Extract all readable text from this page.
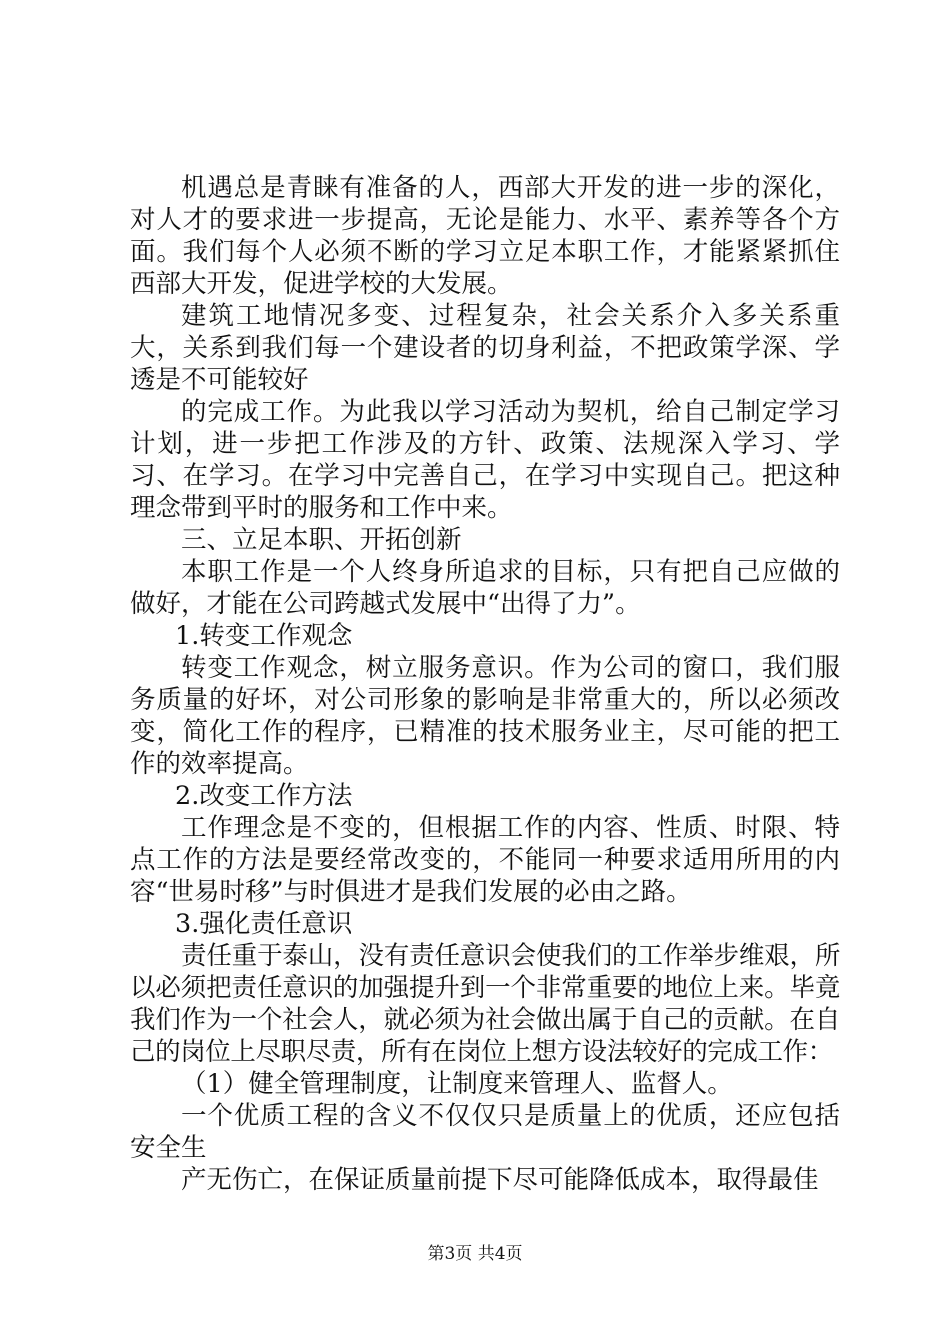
机遇总是青睐有准备的人，西部大开发的进一步的深化，对人才的要求进一步提高，无论是能力、水平、素养等各个方面。我们每个人必须不断的学习立足本职工作，才能紧紧抓住西部大开发，促进学校的大发展。

建筑工地情况多变、过程复杂，社会关系介入多关系重大，关系到我们每一个建设者的切身利益，不把政策学深、学透是不可能较好

的完成工作。为此我以学习活动为契机，给自己制定学习计划，进一步把工作涉及的方针、政策、法规深入学习、学习、在学习。在学习中完善自己，在学习中实现自己。把这种理念带到平时的服务和工作中来。

三、立足本职、开拓创新

本职工作是一个人终身所追求的目标，只有把自己应做的做好，才能在公司跨越式发展中“出得了力”。

1.转变工作观念

转变工作观念，树立服务意识。作为公司的窗口，我们服务质量的好坏，对公司形象的影响是非常重大的，所以必须改变，简化工作的程序，已精准的技术服务业主，尽可能的把工作的效率提高。

2.改变工作方法

工作理念是不变的，但根据工作的内容、性质、时限、特点工作的方法是要经常改变的，不能同一种要求适用所用的内容“世易时移”与时俱进才是我们发展的必由之路。

3.强化责任意识

责任重于泰山，没有责任意识会使我们的工作举步维艰，所以必须把责任意识的加强提升到一个非常重要的地位上来。毕竟我们作为一个社会人，就必须为社会做出属于自己的贡献。在自己的岗位上尽职尽责，所有在岗位上想方设法较好的完成工作：

（1）健全管理制度，让制度来管理人、监督人。

一个优质工程的含义不仅仅只是质量上的优质，还应包括安全生

产无伤亡，在保证质量前提下尽可能降低成本，取得最佳

第3页 共4页
